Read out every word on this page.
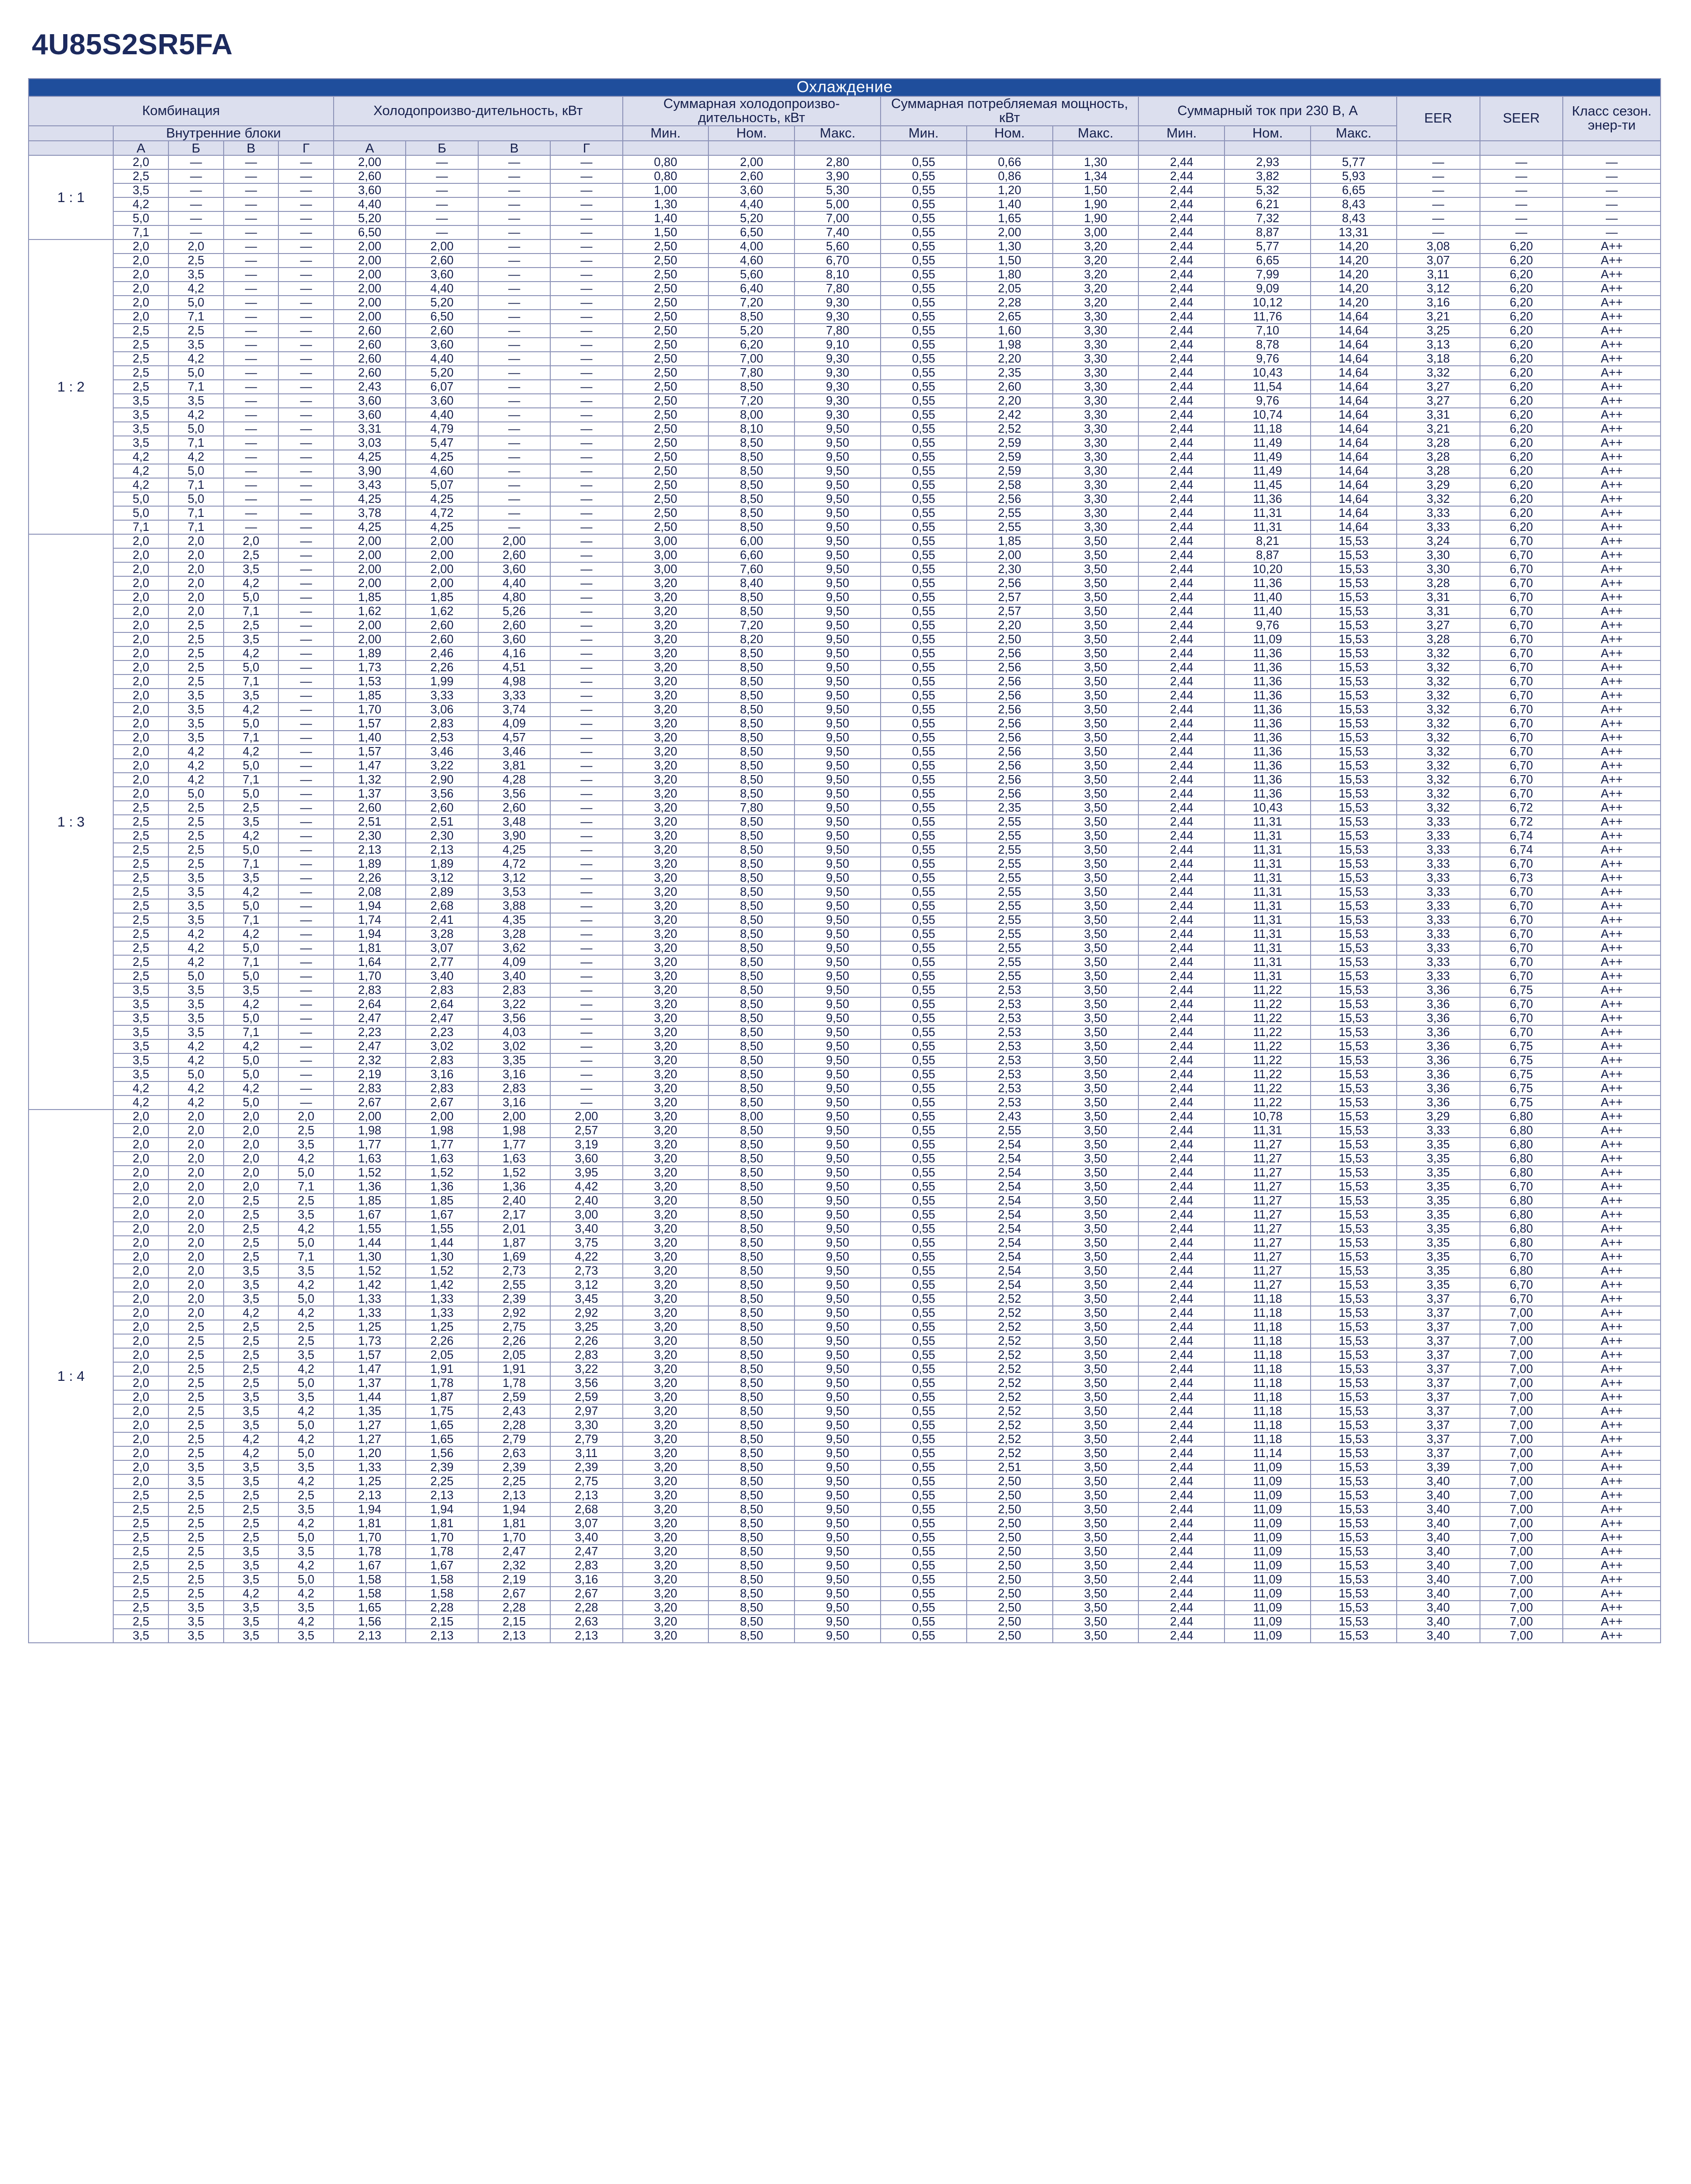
4U85S2SR5FA
Охлаждение																				
Комбинация					Холодопроизво-дительность, кВт				Суммарная холодопроизво-дительность, кВт			Суммарная потребляемая мощность, кВт			Суммарный ток при 230 В, А			EER	SEER	Класс сезон. энер-ти

	Внутренние блоки								Мин.	Ном.	Макс.	Мин.	Ном.	Макс.	Мин.	Ном.	Макс.			
	А	Б	В	Г	А	Б	В	Г												
1 : 1	2,0	—	—	—	2,00	—	—	—	0,80	2,00	2,80	0,55	0,66	1,30	2,44	2,93	5,77	—	—	—
	2,5	—	—	—	2,60	—	—	—	0,80	2,60	3,90	0,55	0,86	1,34	2,44	3,82	5,93	—	—	—
	3,5	—	—	—	3,60	—	—	—	1,00	3,60	5,30	0,55	1,20	1,50	2,44	5,32	6,65	—	—	—
	4,2	—	—	—	4,40	—	—	—	1,30	4,40	5,00	0,55	1,40	1,90	2,44	6,21	8,43	—	—	—
	5,0	—	—	—	5,20	—	—	—	1,40	5,20	7,00	0,55	1,65	1,90	2,44	7,32	8,43	—	—	—
	7,1	—	—	—	6,50	—	—	—	1,50	6,50	7,40	0,55	2,00	3,00	2,44	8,87	13,31	—	—	—
1 : 2	2,0	2,0	—	—	2,00	2,00	—	—	2,50	4,00	5,60	0,55	1,30	3,20	2,44	5,77	14,20	3,08	6,20	A++
	2,0	2,5	—	—	2,00	2,60	—	—	2,50	4,60	6,70	0,55	1,50	3,20	2,44	6,65	14,20	3,07	6,20	A++
	2,0	3,5	—	—	2,00	3,60	—	—	2,50	5,60	8,10	0,55	1,80	3,20	2,44	7,99	14,20	3,11	6,20	A++
	2,0	4,2	—	—	2,00	4,40	—	—	2,50	6,40	7,80	0,55	2,05	3,20	2,44	9,09	14,20	3,12	6,20	A++
	2,0	5,0	—	—	2,00	5,20	—	—	2,50	7,20	9,30	0,55	2,28	3,20	2,44	10,12	14,20	3,16	6,20	A++
	2,0	7,1	—	—	2,00	6,50	—	—	2,50	8,50	9,30	0,55	2,65	3,30	2,44	11,76	14,64	3,21	6,20	A++
	2,5	2,5	—	—	2,60	2,60	—	—	2,50	5,20	7,80	0,55	1,60	3,30	2,44	7,10	14,64	3,25	6,20	A++
	2,5	3,5	—	—	2,60	3,60	—	—	2,50	6,20	9,10	0,55	1,98	3,30	2,44	8,78	14,64	3,13	6,20	A++
	2,5	4,2	—	—	2,60	4,40	—	—	2,50	7,00	9,30	0,55	2,20	3,30	2,44	9,76	14,64	3,18	6,20	A++
	2,5	5,0	—	—	2,60	5,20	—	—	2,50	7,80	9,30	0,55	2,35	3,30	2,44	10,43	14,64	3,32	6,20	A++
	2,5	7,1	—	—	2,43	6,07	—	—	2,50	8,50	9,30	0,55	2,60	3,30	2,44	11,54	14,64	3,27	6,20	A++
	3,5	3,5	—	—	3,60	3,60	—	—	2,50	7,20	9,30	0,55	2,20	3,30	2,44	9,76	14,64	3,27	6,20	A++
	3,5	4,2	—	—	3,60	4,40	—	—	2,50	8,00	9,30	0,55	2,42	3,30	2,44	10,74	14,64	3,31	6,20	A++
	3,5	5,0	—	—	3,31	4,79	—	—	2,50	8,10	9,50	0,55	2,52	3,30	2,44	11,18	14,64	3,21	6,20	A++
	3,5	7,1	—	—	3,03	5,47	—	—	2,50	8,50	9,50	0,55	2,59	3,30	2,44	11,49	14,64	3,28	6,20	A++
	4,2	4,2	—	—	4,25	4,25	—	—	2,50	8,50	9,50	0,55	2,59	3,30	2,44	11,49	14,64	3,28	6,20	A++
	4,2	5,0	—	—	3,90	4,60	—	—	2,50	8,50	9,50	0,55	2,59	3,30	2,44	11,49	14,64	3,28	6,20	A++
	4,2	7,1	—	—	3,43	5,07	—	—	2,50	8,50	9,50	0,55	2,58	3,30	2,44	11,45	14,64	3,29	6,20	A++
	5,0	5,0	—	—	4,25	4,25	—	—	2,50	8,50	9,50	0,55	2,56	3,30	2,44	11,36	14,64	3,32	6,20	A++
	5,0	7,1	—	—	3,78	4,72	—	—	2,50	8,50	9,50	0,55	2,55	3,30	2,44	11,31	14,64	3,33	6,20	A++
	7,1	7,1	—	—	4,25	4,25	—	—	2,50	8,50	9,50	0,55	2,55	3,30	2,44	11,31	14,64	3,33	6,20	A++
1 : 3	2,0	2,0	2,0	—	2,00	2,00	2,00	—	3,00	6,00	9,50	0,55	1,85	3,50	2,44	8,21	15,53	3,24	6,70	A++
	2,0	2,0	2,5	—	2,00	2,00	2,60	—	3,00	6,60	9,50	0,55	2,00	3,50	2,44	8,87	15,53	3,30	6,70	A++
	2,0	2,0	3,5	—	2,00	2,00	3,60	—	3,00	7,60	9,50	0,55	2,30	3,50	2,44	10,20	15,53	3,30	6,70	A++
	2,0	2,0	4,2	—	2,00	2,00	4,40	—	3,20	8,40	9,50	0,55	2,56	3,50	2,44	11,36	15,53	3,28	6,70	A++
	2,0	2,0	5,0	—	1,85	1,85	4,80	—	3,20	8,50	9,50	0,55	2,57	3,50	2,44	11,40	15,53	3,31	6,70	A++
	2,0	2,0	7,1	—	1,62	1,62	5,26	—	3,20	8,50	9,50	0,55	2,57	3,50	2,44	11,40	15,53	3,31	6,70	A++
	2,0	2,5	2,5	—	2,00	2,60	2,60	—	3,20	7,20	9,50	0,55	2,20	3,50	2,44	9,76	15,53	3,27	6,70	A++
	2,0	2,5	3,5	—	2,00	2,60	3,60	—	3,20	8,20	9,50	0,55	2,50	3,50	2,44	11,09	15,53	3,28	6,70	A++
	2,0	2,5	4,2	—	1,89	2,46	4,16	—	3,20	8,50	9,50	0,55	2,56	3,50	2,44	11,36	15,53	3,32	6,70	A++
	2,0	2,5	5,0	—	1,73	2,26	4,51	—	3,20	8,50	9,50	0,55	2,56	3,50	2,44	11,36	15,53	3,32	6,70	A++
	2,0	2,5	7,1	—	1,53	1,99	4,98	—	3,20	8,50	9,50	0,55	2,56	3,50	2,44	11,36	15,53	3,32	6,70	A++
	2,0	3,5	3,5	—	1,85	3,33	3,33	—	3,20	8,50	9,50	0,55	2,56	3,50	2,44	11,36	15,53	3,32	6,70	A++
	2,0	3,5	4,2	—	1,70	3,06	3,74	—	3,20	8,50	9,50	0,55	2,56	3,50	2,44	11,36	15,53	3,32	6,70	A++
	2,0	3,5	5,0	—	1,57	2,83	4,09	—	3,20	8,50	9,50	0,55	2,56	3,50	2,44	11,36	15,53	3,32	6,70	A++
	2,0	3,5	7,1	—	1,40	2,53	4,57	—	3,20	8,50	9,50	0,55	2,56	3,50	2,44	11,36	15,53	3,32	6,70	A++
	2,0	4,2	4,2	—	1,57	3,46	3,46	—	3,20	8,50	9,50	0,55	2,56	3,50	2,44	11,36	15,53	3,32	6,70	A++
	2,0	4,2	5,0	—	1,47	3,22	3,81	—	3,20	8,50	9,50	0,55	2,56	3,50	2,44	11,36	15,53	3,32	6,70	A++
	2,0	4,2	7,1	—	1,32	2,90	4,28	—	3,20	8,50	9,50	0,55	2,56	3,50	2,44	11,36	15,53	3,32	6,70	A++
	2,0	5,0	5,0	—	1,37	3,56	3,56	—	3,20	8,50	9,50	0,55	2,56	3,50	2,44	11,36	15,53	3,32	6,70	A++
	2,5	2,5	2,5	—	2,60	2,60	2,60	—	3,20	7,80	9,50	0,55	2,35	3,50	2,44	10,43	15,53	3,32	6,72	A++
	2,5	2,5	3,5	—	2,51	2,51	3,48	—	3,20	8,50	9,50	0,55	2,55	3,50	2,44	11,31	15,53	3,33	6,72	A++
	2,5	2,5	4,2	—	2,30	2,30	3,90	—	3,20	8,50	9,50	0,55	2,55	3,50	2,44	11,31	15,53	3,33	6,74	A++
	2,5	2,5	5,0	—	2,13	2,13	4,25	—	3,20	8,50	9,50	0,55	2,55	3,50	2,44	11,31	15,53	3,33	6,74	A++
	2,5	2,5	7,1	—	1,89	1,89	4,72	—	3,20	8,50	9,50	0,55	2,55	3,50	2,44	11,31	15,53	3,33	6,70	A++
	2,5	3,5	3,5	—	2,26	3,12	3,12	—	3,20	8,50	9,50	0,55	2,55	3,50	2,44	11,31	15,53	3,33	6,73	A++
	2,5	3,5	4,2	—	2,08	2,89	3,53	—	3,20	8,50	9,50	0,55	2,55	3,50	2,44	11,31	15,53	3,33	6,70	A++
	2,5	3,5	5,0	—	1,94	2,68	3,88	—	3,20	8,50	9,50	0,55	2,55	3,50	2,44	11,31	15,53	3,33	6,70	A++
	2,5	3,5	7,1	—	1,74	2,41	4,35	—	3,20	8,50	9,50	0,55	2,55	3,50	2,44	11,31	15,53	3,33	6,70	A++
	2,5	4,2	4,2	—	1,94	3,28	3,28	—	3,20	8,50	9,50	0,55	2,55	3,50	2,44	11,31	15,53	3,33	6,70	A++
	2,5	4,2	5,0	—	1,81	3,07	3,62	—	3,20	8,50	9,50	0,55	2,55	3,50	2,44	11,31	15,53	3,33	6,70	A++
	2,5	4,2	7,1	—	1,64	2,77	4,09	—	3,20	8,50	9,50	0,55	2,55	3,50	2,44	11,31	15,53	3,33	6,70	A++
	2,5	5,0	5,0	—	1,70	3,40	3,40	—	3,20	8,50	9,50	0,55	2,55	3,50	2,44	11,31	15,53	3,33	6,70	A++
	3,5	3,5	3,5	—	2,83	2,83	2,83	—	3,20	8,50	9,50	0,55	2,53	3,50	2,44	11,22	15,53	3,36	6,75	A++
	3,5	3,5	4,2	—	2,64	2,64	3,22	—	3,20	8,50	9,50	0,55	2,53	3,50	2,44	11,22	15,53	3,36	6,70	A++
	3,5	3,5	5,0	—	2,47	2,47	3,56	—	3,20	8,50	9,50	0,55	2,53	3,50	2,44	11,22	15,53	3,36	6,70	A++
	3,5	3,5	7,1	—	2,23	2,23	4,03	—	3,20	8,50	9,50	0,55	2,53	3,50	2,44	11,22	15,53	3,36	6,70	A++
	3,5	4,2	4,2	—	2,47	3,02	3,02	—	3,20	8,50	9,50	0,55	2,53	3,50	2,44	11,22	15,53	3,36	6,75	A++
	3,5	4,2	5,0	—	2,32	2,83	3,35	—	3,20	8,50	9,50	0,55	2,53	3,50	2,44	11,22	15,53	3,36	6,75	A++
	3,5	5,0	5,0	—	2,19	3,16	3,16	—	3,20	8,50	9,50	0,55	2,53	3,50	2,44	11,22	15,53	3,36	6,75	A++
	4,2	4,2	4,2	—	2,83	2,83	2,83	—	3,20	8,50	9,50	0,55	2,53	3,50	2,44	11,22	15,53	3,36	6,75	A++
	4,2	4,2	5,0	—	2,67	2,67	3,16	—	3,20	8,50	9,50	0,55	2,53	3,50	2,44	11,22	15,53	3,36	6,75	A++
1 : 4	2,0	2,0	2,0	2,0	2,00	2,00	2,00	2,00	3,20	8,00	9,50	0,55	2,43	3,50	2,44	10,78	15,53	3,29	6,80	A++
	2,0	2,0	2,0	2,5	1,98	1,98	1,98	2,57	3,20	8,50	9,50	0,55	2,55	3,50	2,44	11,31	15,53	3,33	6,80	A++
	2,0	2,0	2,0	3,5	1,77	1,77	1,77	3,19	3,20	8,50	9,50	0,55	2,54	3,50	2,44	11,27	15,53	3,35	6,80	A++
	2,0	2,0	2,0	4,2	1,63	1,63	1,63	3,60	3,20	8,50	9,50	0,55	2,54	3,50	2,44	11,27	15,53	3,35	6,80	A++
	2,0	2,0	2,0	5,0	1,52	1,52	1,52	3,95	3,20	8,50	9,50	0,55	2,54	3,50	2,44	11,27	15,53	3,35	6,80	A++
	2,0	2,0	2,0	7,1	1,36	1,36	1,36	4,42	3,20	8,50	9,50	0,55	2,54	3,50	2,44	11,27	15,53	3,35	6,70	A++
	2,0	2,0	2,5	2,5	1,85	1,85	2,40	2,40	3,20	8,50	9,50	0,55	2,54	3,50	2,44	11,27	15,53	3,35	6,80	A++
	2,0	2,0	2,5	3,5	1,67	1,67	2,17	3,00	3,20	8,50	9,50	0,55	2,54	3,50	2,44	11,27	15,53	3,35	6,80	A++
	2,0	2,0	2,5	4,2	1,55	1,55	2,01	3,40	3,20	8,50	9,50	0,55	2,54	3,50	2,44	11,27	15,53	3,35	6,80	A++
	2,0	2,0	2,5	5,0	1,44	1,44	1,87	3,75	3,20	8,50	9,50	0,55	2,54	3,50	2,44	11,27	15,53	3,35	6,80	A++
	2,0	2,0	2,5	7,1	1,30	1,30	1,69	4,22	3,20	8,50	9,50	0,55	2,54	3,50	2,44	11,27	15,53	3,35	6,70	A++
	2,0	2,0	3,5	3,5	1,52	1,52	2,73	2,73	3,20	8,50	9,50	0,55	2,54	3,50	2,44	11,27	15,53	3,35	6,80	A++
	2,0	2,0	3,5	4,2	1,42	1,42	2,55	3,12	3,20	8,50	9,50	0,55	2,54	3,50	2,44	11,27	15,53	3,35	6,70	A++
	2,0	2,0	3,5	5,0	1,33	1,33	2,39	3,45	3,20	8,50	9,50	0,55	2,52	3,50	2,44	11,18	15,53	3,37	6,70	A++
	2,0	2,0	4,2	4,2	1,33	1,33	2,92	2,92	3,20	8,50	9,50	0,55	2,52	3,50	2,44	11,18	15,53	3,37	7,00	A++
	2,0	2,5	2,5	2,5	1,25	1,25	2,75	3,25	3,20	8,50	9,50	0,55	2,52	3,50	2,44	11,18	15,53	3,37	7,00	A++
	2,0	2,5	2,5	2,5	1,73	2,26	2,26	2,26	3,20	8,50	9,50	0,55	2,52	3,50	2,44	11,18	15,53	3,37	7,00	A++
	2,0	2,5	2,5	3,5	1,57	2,05	2,05	2,83	3,20	8,50	9,50	0,55	2,52	3,50	2,44	11,18	15,53	3,37	7,00	A++
	2,0	2,5	2,5	4,2	1,47	1,91	1,91	3,22	3,20	8,50	9,50	0,55	2,52	3,50	2,44	11,18	15,53	3,37	7,00	A++
	2,0	2,5	2,5	5,0	1,37	1,78	1,78	3,56	3,20	8,50	9,50	0,55	2,52	3,50	2,44	11,18	15,53	3,37	7,00	A++
	2,0	2,5	3,5	3,5	1,44	1,87	2,59	2,59	3,20	8,50	9,50	0,55	2,52	3,50	2,44	11,18	15,53	3,37	7,00	A++
	2,0	2,5	3,5	4,2	1,35	1,75	2,43	2,97	3,20	8,50	9,50	0,55	2,52	3,50	2,44	11,18	15,53	3,37	7,00	A++
	2,0	2,5	3,5	5,0	1,27	1,65	2,28	3,30	3,20	8,50	9,50	0,55	2,52	3,50	2,44	11,18	15,53	3,37	7,00	A++
	2,0	2,5	4,2	4,2	1,27	1,65	2,79	2,79	3,20	8,50	9,50	0,55	2,52	3,50	2,44	11,18	15,53	3,37	7,00	A++
	2,0	2,5	4,2	5,0	1,20	1,56	2,63	3,11	3,20	8,50	9,50	0,55	2,52	3,50	2,44	11,14	15,53	3,37	7,00	A++
	2,0	3,5	3,5	3,5	1,33	2,39	2,39	2,39	3,20	8,50	9,50	0,55	2,51	3,50	2,44	11,09	15,53	3,39	7,00	A++
	2,0	3,5	3,5	4,2	1,25	2,25	2,25	2,75	3,20	8,50	9,50	0,55	2,50	3,50	2,44	11,09	15,53	3,40	7,00	A++
	2,5	2,5	2,5	2,5	2,13	2,13	2,13	2,13	3,20	8,50	9,50	0,55	2,50	3,50	2,44	11,09	15,53	3,40	7,00	A++
	2,5	2,5	2,5	3,5	1,94	1,94	1,94	2,68	3,20	8,50	9,50	0,55	2,50	3,50	2,44	11,09	15,53	3,40	7,00	A++
	2,5	2,5	2,5	4,2	1,81	1,81	1,81	3,07	3,20	8,50	9,50	0,55	2,50	3,50	2,44	11,09	15,53	3,40	7,00	A++
	2,5	2,5	2,5	5,0	1,70	1,70	1,70	3,40	3,20	8,50	9,50	0,55	2,50	3,50	2,44	11,09	15,53	3,40	7,00	A++
	2,5	2,5	3,5	3,5	1,78	1,78	2,47	2,47	3,20	8,50	9,50	0,55	2,50	3,50	2,44	11,09	15,53	3,40	7,00	A++
	2,5	2,5	3,5	4,2	1,67	1,67	2,32	2,83	3,20	8,50	9,50	0,55	2,50	3,50	2,44	11,09	15,53	3,40	7,00	A++
	2,5	2,5	3,5	5,0	1,58	1,58	2,19	3,16	3,20	8,50	9,50	0,55	2,50	3,50	2,44	11,09	15,53	3,40	7,00	A++
	2,5	2,5	4,2	4,2	1,58	1,58	2,67	2,67	3,20	8,50	9,50	0,55	2,50	3,50	2,44	11,09	15,53	3,40	7,00	A++
	2,5	3,5	3,5	3,5	1,65	2,28	2,28	2,28	3,20	8,50	9,50	0,55	2,50	3,50	2,44	11,09	15,53	3,40	7,00	A++
	2,5	3,5	3,5	4,2	1,56	2,15	2,15	2,63	3,20	8,50	9,50	0,55	2,50	3,50	2,44	11,09	15,53	3,40	7,00	A++
	3,5	3,5	3,5	3,5	2,13	2,13	2,13	2,13	3,20	8,50	9,50	0,55	2,50	3,50	2,44	11,09	15,53	3,40	7,00	A++
